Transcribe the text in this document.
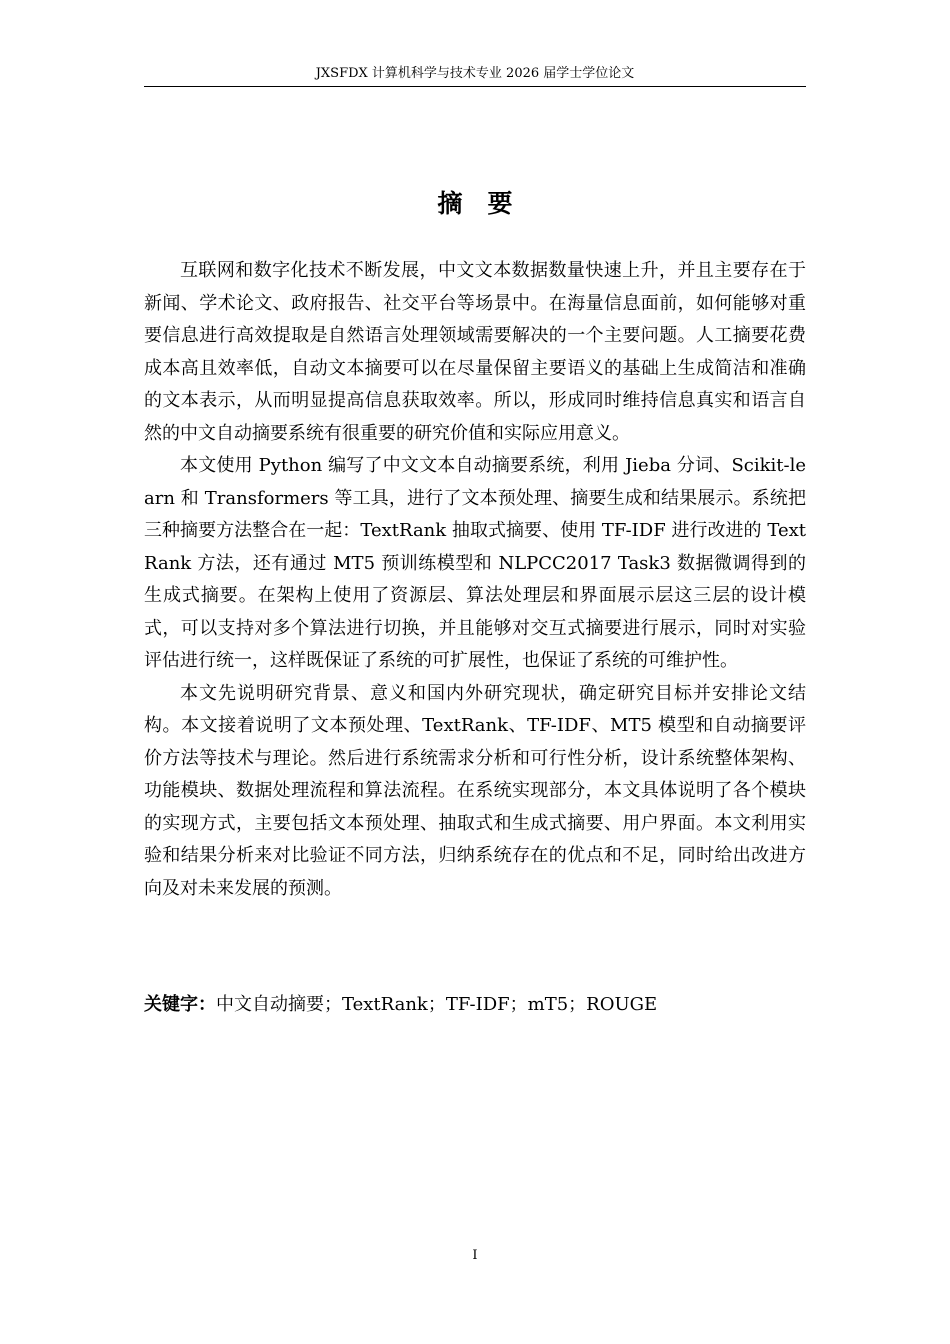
JXSFDX 计算机科学与技术专业 2026 届学士学位论文
摘　要

互联网和数字化技术不断发展，中文文本数据数量快速上升，并且主要存在于新闻、学术论文、政府报告、社交平台等场景中。在海量信息面前，如何能够对重要信息进行高效提取是自然语言处理领域需要解决的一个主要问题。人工摘要花费成本高且效率低，自动文本摘要可以在尽量保留主要语义的基础上生成简洁和准确的文本表示，从而明显提高信息获取效率。所以，形成同时维持信息真实和语言自然的中文自动摘要系统有很重要的研究价值和实际应用意义。

本文使用 Python 编写了中文文本自动摘要系统，利用 Jieba 分词、Scikit-learn 和 Transformers 等工具，进行了文本预处理、摘要生成和结果展示。系统把三种摘要方法整合在一起：TextRank 抽取式摘要、使用 TF-IDF 进行改进的 TextRank 方法，还有通过 MT5 预训练模型和 NLPCC2017 Task3 数据微调得到的生成式摘要。在架构上使用了资源层、算法处理层和界面展示层这三层的设计模式，可以支持对多个算法进行切换，并且能够对交互式摘要进行展示，同时对实验评估进行统一，这样既保证了系统的可扩展性，也保证了系统的可维护性。

本文先说明研究背景、意义和国内外研究现状，确定研究目标并安排论文结构。本文接着说明了文本预处理、TextRank、TF-IDF、MT5 模型和自动摘要评价方法等技术与理论。然后进行系统需求分析和可行性分析，设计系统整体架构、功能模块、数据处理流程和算法流程。在系统实现部分，本文具体说明了各个模块的实现方式，主要包括文本预处理、抽取式和生成式摘要、用户界面。本文利用实验和结果分析来对比验证不同方法，归纳系统存在的优点和不足，同时给出改进方向及对未来发展的预测。

关键字：中文自动摘要；TextRank；TF-IDF；mT5；ROUGE
I
